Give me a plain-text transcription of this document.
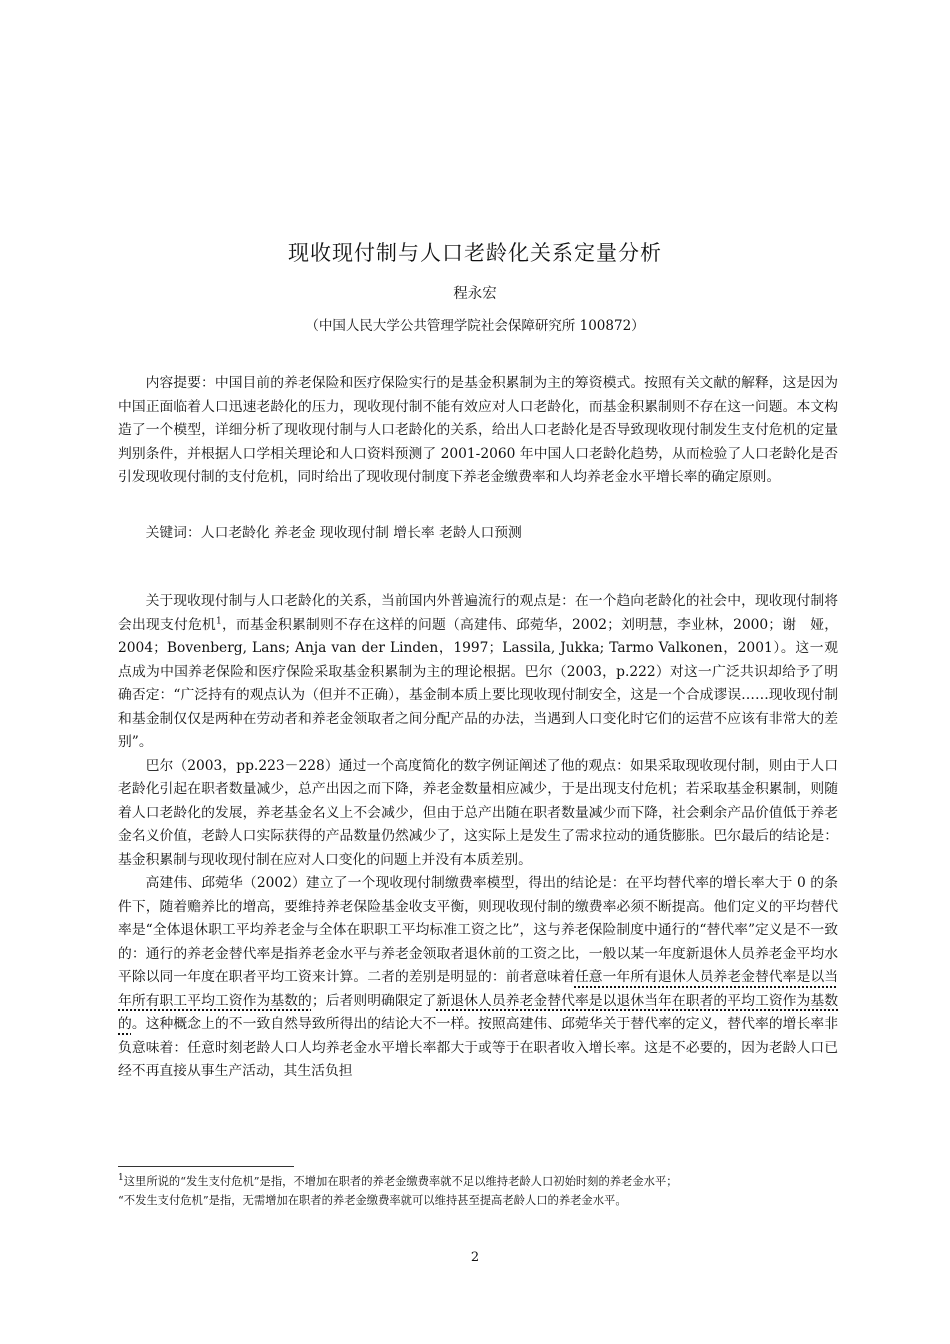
现收现付制与人口老龄化关系定量分析
程永宏
（中国人民大学公共管理学院社会保障研究所 100872）

内容提要：中国目前的养老保险和医疗保险实行的是基金积累制为主的筹资模式。按照有关文献的解释，这是因为中国正面临着人口迅速老龄化的压力，现收现付制不能有效应对人口老龄化，而基金积累制则不存在这一问题。本文构造了一个模型，详细分析了现收现付制与人口老龄化的关系，给出人口老龄化是否导致现收现付制发生支付危机的定量判别条件，并根据人口学相关理论和人口资料预测了 2001-2060 年中国人口老龄化趋势，从而检验了人口老龄化是否引发现收现付制的支付危机，同时给出了现收现付制度下养老金缴费率和人均养老金水平增长率的确定原则。

关键词：人口老龄化 养老金 现收现付制 增长率 老龄人口预测

关于现收现付制与人口老龄化的关系，当前国内外普遍流行的观点是：在一个趋向老龄化的社会中，现收现付制将会出现支付危机$^1$，而基金积累制则不存在这样的问题（高建伟、邱菀华，2002；刘明慧，李业林，2000；谢　娅，2004；Bovenberg, Lans; Anja van der Linden，1997；Lassila, Jukka; Tarmo Valkonen，2001）。这一观点成为中国养老保险和医疗保险采取基金积累制为主的理论根据。巴尔（2003，p.222）对这一广泛共识却给予了明确否定：“广泛持有的观点认为（但并不正确），基金制本质上要比现收现付制安全，这是一个合成谬误……现收现付制和基金制仅仅是两种在劳动者和养老金领取者之间分配产品的办法，当遇到人口变化时它们的运营不应该有非常大的差别”。

巴尔（2003，pp.223－228）通过一个高度简化的数字例证阐述了他的观点：如果采取现收现付制，则由于人口老龄化引起在职者数量减少，总产出因之而下降，养老金数量相应减少，于是出现支付危机；若采取基金积累制，则随着人口老龄化的发展，养老基金名义上不会减少，但由于总产出随在职者数量减少而下降，社会剩余产品价值低于养老金名义价值，老龄人口实际获得的产品数量仍然减少了，这实际上是发生了需求拉动的通货膨胀。巴尔最后的结论是：基金积累制与现收现付制在应对人口变化的问题上并没有本质差别。

高建伟、邱菀华（2002）建立了一个现收现付制缴费率模型，得出的结论是：在平均替代率的增长率大于 0 的条件下，随着赡养比的增高，要维持养老保险基金收支平衡，则现收现付制的缴费率必须不断提高。他们定义的平均替代率是“全体退休职工平均养老金与全体在职职工平均标准工资之比”，这与养老保险制度中通行的“替代率”定义是不一致的：通行的养老金替代率是指养老金水平与养老金领取者退休前的工资之比，一般以某一年度新退休人员养老金平均水平除以同一年度在职者平均工资来计算。二者的差别是明显的：前者意味着任意一年所有退休人员养老金替代率是以当年所有职工平均工资作为基数的；后者则明确限定了新退休人员养老金替代率是以退休当年在职者的平均工资作为基数的。这种概念上的不一致自然导致所得出的结论大不一样。按照高建伟、邱菀华关于替代率的定义，替代率的增长率非负意味着：任意时刻老龄人口人均养老金水平增长率都大于或等于在职者收入增长率。这是不必要的，因为老龄人口已经不再直接从事生产活动，其生活负担

$^1$这里所说的“发生支付危机”是指，不增加在职者的养老金缴费率就不足以维持老龄人口初始时刻的养老金水平；

“不发生支付危机”是指，无需增加在职者的养老金缴费率就可以维持甚至提高老龄人口的养老金水平。

2
